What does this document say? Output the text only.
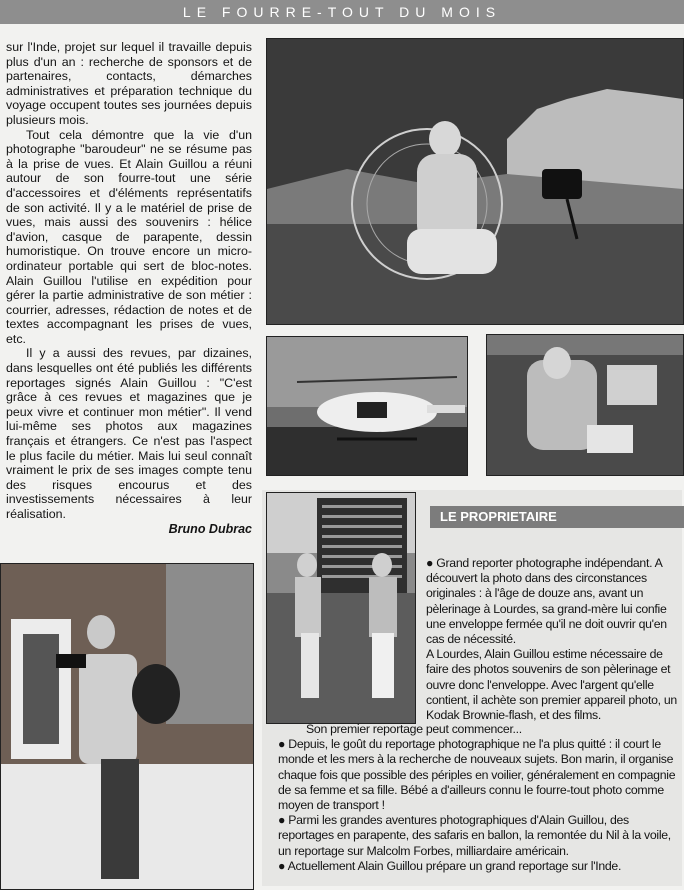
LE FOURRE-TOUT DU MOIS

sur l'Inde, projet sur lequel il travaille depuis plus d'un an : recherche de sponsors et de partenaires, contacts, démarches administratives et préparation technique du voyage occupent toutes ses journées depuis plusieurs mois.

Tout cela démontre que la vie d'un photographe "baroudeur" ne se résume pas à la prise de vues. Et Alain Guillou a réuni autour de son fourre-tout une série d'accessoires et d'éléments représentatifs de son activité. Il y a le matériel de prise de vues, mais aussi des souvenirs : hélice d'avion, casque de parapente, dessin humoristique. On trouve encore un micro-ordinateur portable qui sert de bloc-notes. Alain Guillou l'utilise en expédition pour gérer la partie administrative de son métier : courrier, adresses, rédaction de notes et de textes accompagnant les prises de vues, etc.

Il y a aussi des revues, par dizaines, dans lesquelles ont été publiés les différents reportages signés Alain Guillou : "C'est grâce à ces revues et magazines que je peux vivre et continuer mon métier". Il vend lui-même ses photos aux magazines français et étrangers. Ce n'est pas l'aspect le plus facile du métier. Mais lui seul connaît vraiment le prix de ses images compte tenu des risques encourus et des investissements nécessaires à leur réalisation.

Bruno Dubrac

LE PROPRIETAIRE

● Grand reporter photographe indépendant. A découvert la photo dans des circonstances originales : à l'âge de douze ans, avant un pèlerinage à Lourdes, sa grand-mère lui confie une enveloppe fermée qu'il ne doit ouvrir qu'en cas de nécessité.

A Lourdes, Alain Guillou estime nécessaire de faire des photos souvenirs de son pèlerinage et ouvre donc l'enveloppe. Avec l'argent qu'elle contient, il achète son premier appareil photo, un Kodak Brownie-flash, et des films.

Son premier reportage peut commencer...

● Depuis, le goût du reportage photographique ne l'a plus quitté : il court le monde et les mers à la recherche de nouveaux sujets. Bon marin, il organise chaque fois que possible des périples en voilier, généralement en compagnie de sa femme et sa fille. Bébé a d'ailleurs connu le fourre-tout photo comme moyen de transport !

● Parmi les grandes aventures photographiques d'Alain Guillou, des reportages en parapente, des safaris en ballon, la remontée du Nil à la voile, un reportage sur Malcolm Forbes, milliardaire américain.

● Actuellement Alain Guillou prépare un grand reportage sur l'Inde.
